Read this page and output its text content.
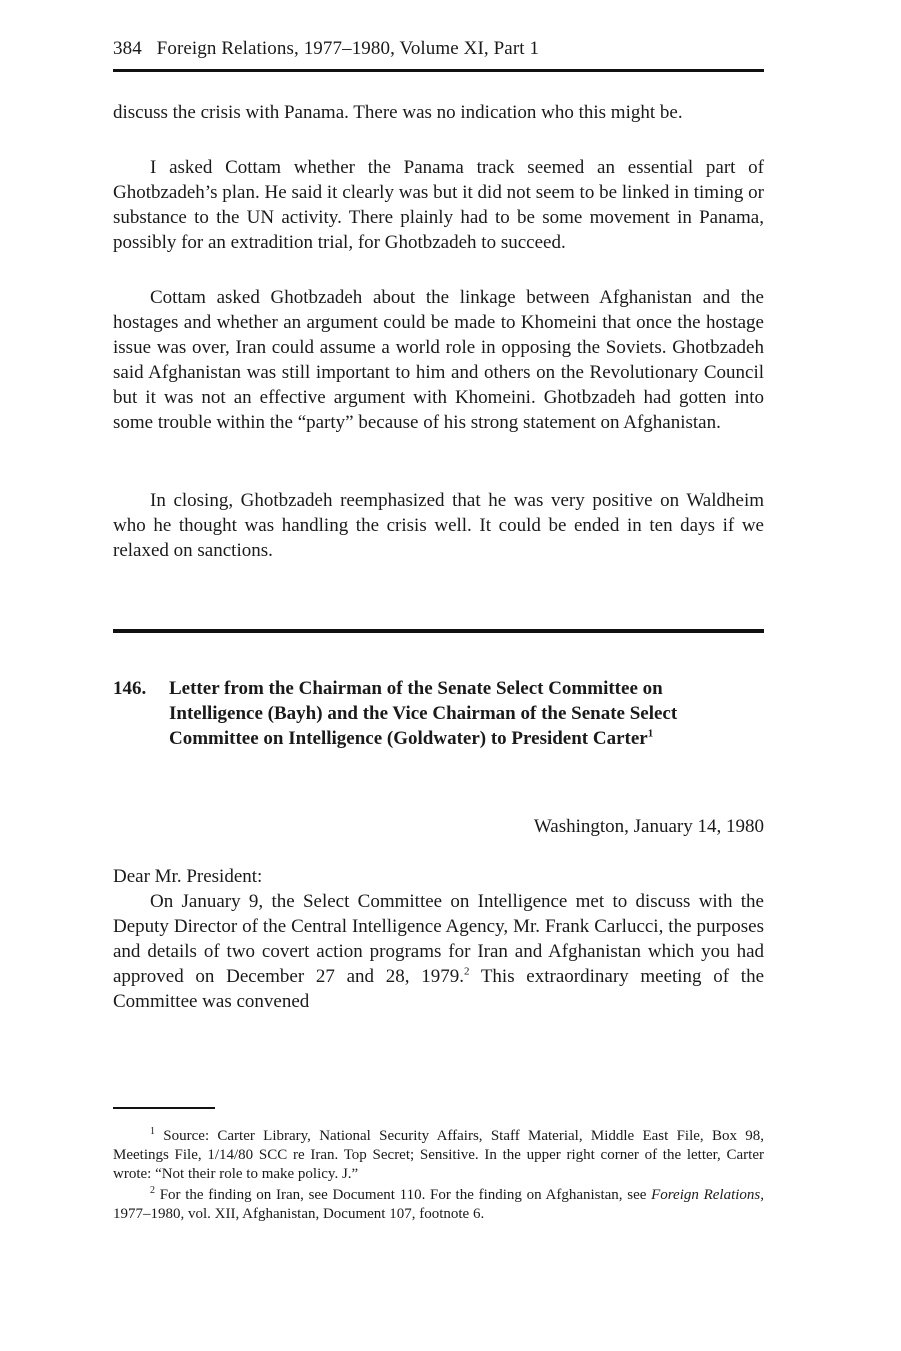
384 Foreign Relations, 1977–1980, Volume XI, Part 1

discuss the crisis with Panama. There was no indication who this might be.

I asked Cottam whether the Panama track seemed an essential part of Ghotbzadeh’s plan. He said it clearly was but it did not seem to be linked in timing or substance to the UN activity. There plainly had to be some movement in Panama, possibly for an extradition trial, for Ghotbzadeh to succeed.

Cottam asked Ghotbzadeh about the linkage between Afghanistan and the hostages and whether an argument could be made to Khomeini that once the hostage issue was over, Iran could assume a world role in opposing the Soviets. Ghotbzadeh said Afghanistan was still important to him and others on the Revolutionary Council but it was not an effective argument with Khomeini. Ghotbzadeh had gotten into some trouble within the “party” because of his strong statement on Afghanistan.

In closing, Ghotbzadeh reemphasized that he was very positive on Waldheim who he thought was handling the crisis well. It could be ended in ten days if we relaxed on sanctions.

146. Letter from the Chairman of the Senate Select Committee on Intelligence (Bayh) and the Vice Chairman of the Senate Select Committee on Intelligence (Goldwater) to President Carter$^1$
Washington, January 14, 1980
Dear Mr. President:

On January 9, the Select Committee on Intelligence met to discuss with the Deputy Director of the Central Intelligence Agency, Mr. Frank Carlucci, the purposes and details of two covert action programs for Iran and Afghanistan which you had approved on December 27 and 28, 1979.$^2$ This extraordinary meeting of the Committee was convened

$^1$ Source: Carter Library, National Security Affairs, Staff Material, Middle East File, Box 98, Meetings File, 1/14/80 SCC re Iran. Top Secret; Sensitive. In the upper right corner of the letter, Carter wrote: “Not their role to make policy. J.”

$^2$ For the finding on Iran, see Document 110. For the finding on Afghanistan, see Foreign Relations, 1977–1980, vol. XII, Afghanistan, Document 107, footnote 6.
